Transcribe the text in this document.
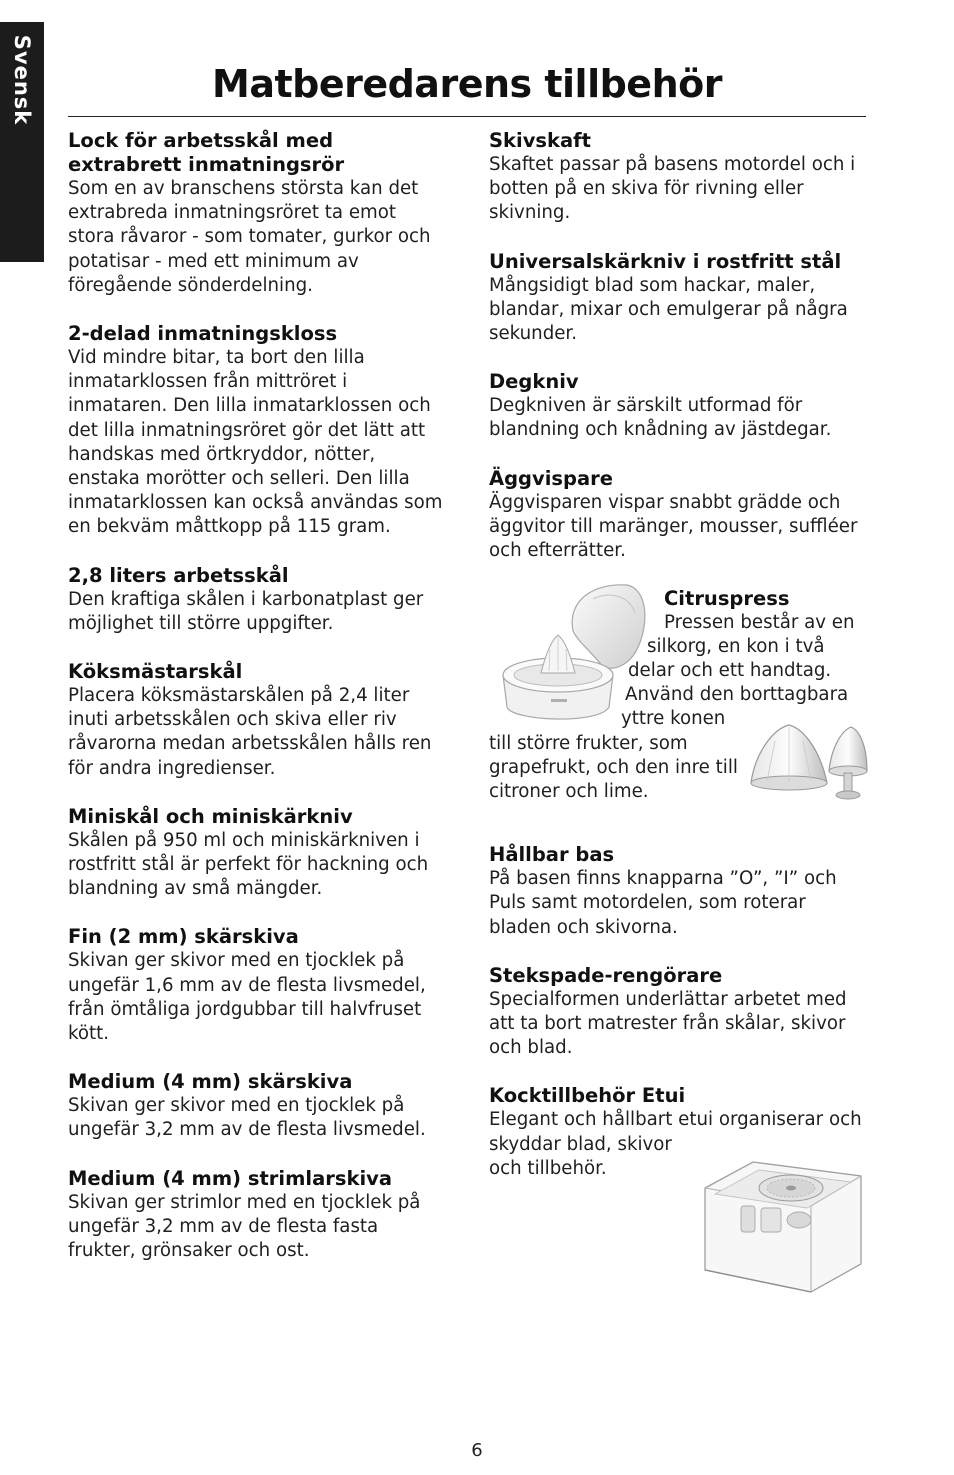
Svensk	Matberedarens tillbehör
Lock för arbetsskål med extrabrett inmatningsrör

Som en av branschens största kan det extrabreda inmatningsröret ta emot stora råvaror - som tomater, gurkor och potatisar - med ett minimum av föregående sönderdelning.

2-delad inmatningskloss

Vid mindre bitar, ta bort den lilla inmatarklossen från mittröret i inmataren. Den lilla inmatarklossen och det lilla inmatningsröret gör det lätt att handskas med örtkryddor, nötter, enstaka morötter och selleri. Den lilla inmatarklossen kan också användas som en bekväm måttkopp på 115 gram.

2,8 liters arbetsskål

Den kraftiga skålen i karbonatplast ger möjlighet till större uppgifter.

Köksmästarskål

Placera köksmästarskålen på 2,4 liter inuti arbetsskålen och skiva eller riv råvarorna medan arbetsskålen hålls ren för andra ingredienser.

Miniskål och miniskärkniv

Skålen på 950 ml och miniskärkniven i rostfritt stål är perfekt för hackning och blandning av små mängder.

Fin (2 mm) skärskiva

Skivan ger skivor med en tjocklek på ungefär 1,6 mm av de flesta livsmedel, från ömtåliga jordgubbar till halvfruset kött.

Medium (4 mm) skärskiva

Skivan ger skivor med en tjocklek på ungefär 3,2 mm av de flesta livsmedel.

Medium (4 mm) strimlarskiva

Skivan ger strimlor med en tjocklek på ungefär 3,2 mm av de flesta fasta frukter, grönsaker och ost.

Skivskaft

Skaftet passar på basens motordel och i botten på en skiva för rivning eller skivning.

Universalskärkniv i rostfritt stål

Mångsidigt blad som hackar, maler, blandar, mixar och emulgerar på några sekunder.

Degkniv

Degkniven är särskilt utformad för blandning och knådning av jästdegar.

Äggvispare

Äggvisparen vispar snabbt grädde och äggvitor till maränger, mousser, suffléer och efterrätter.

Citruspress
Pressen består av en
silkorg, en kon i två
delar och ett handtag.
Använd den borttagbara
yttre konen
till större frukter, som
grapefrukt, och den inre till
citroner och lime.
Hållbar bas

På basen finns knapparna ”O”, ”I” och Puls samt motordelen, som roterar bladen och skivorna.

Stekspade-rengörare

Specialformen underlättar arbetet med att ta bort matrester från skålar, skivor och blad.

Kocktillbehör Etui

Elegant och hållbart etui organiserar och

skyddar blad, skivor

och tillbehör.

6
